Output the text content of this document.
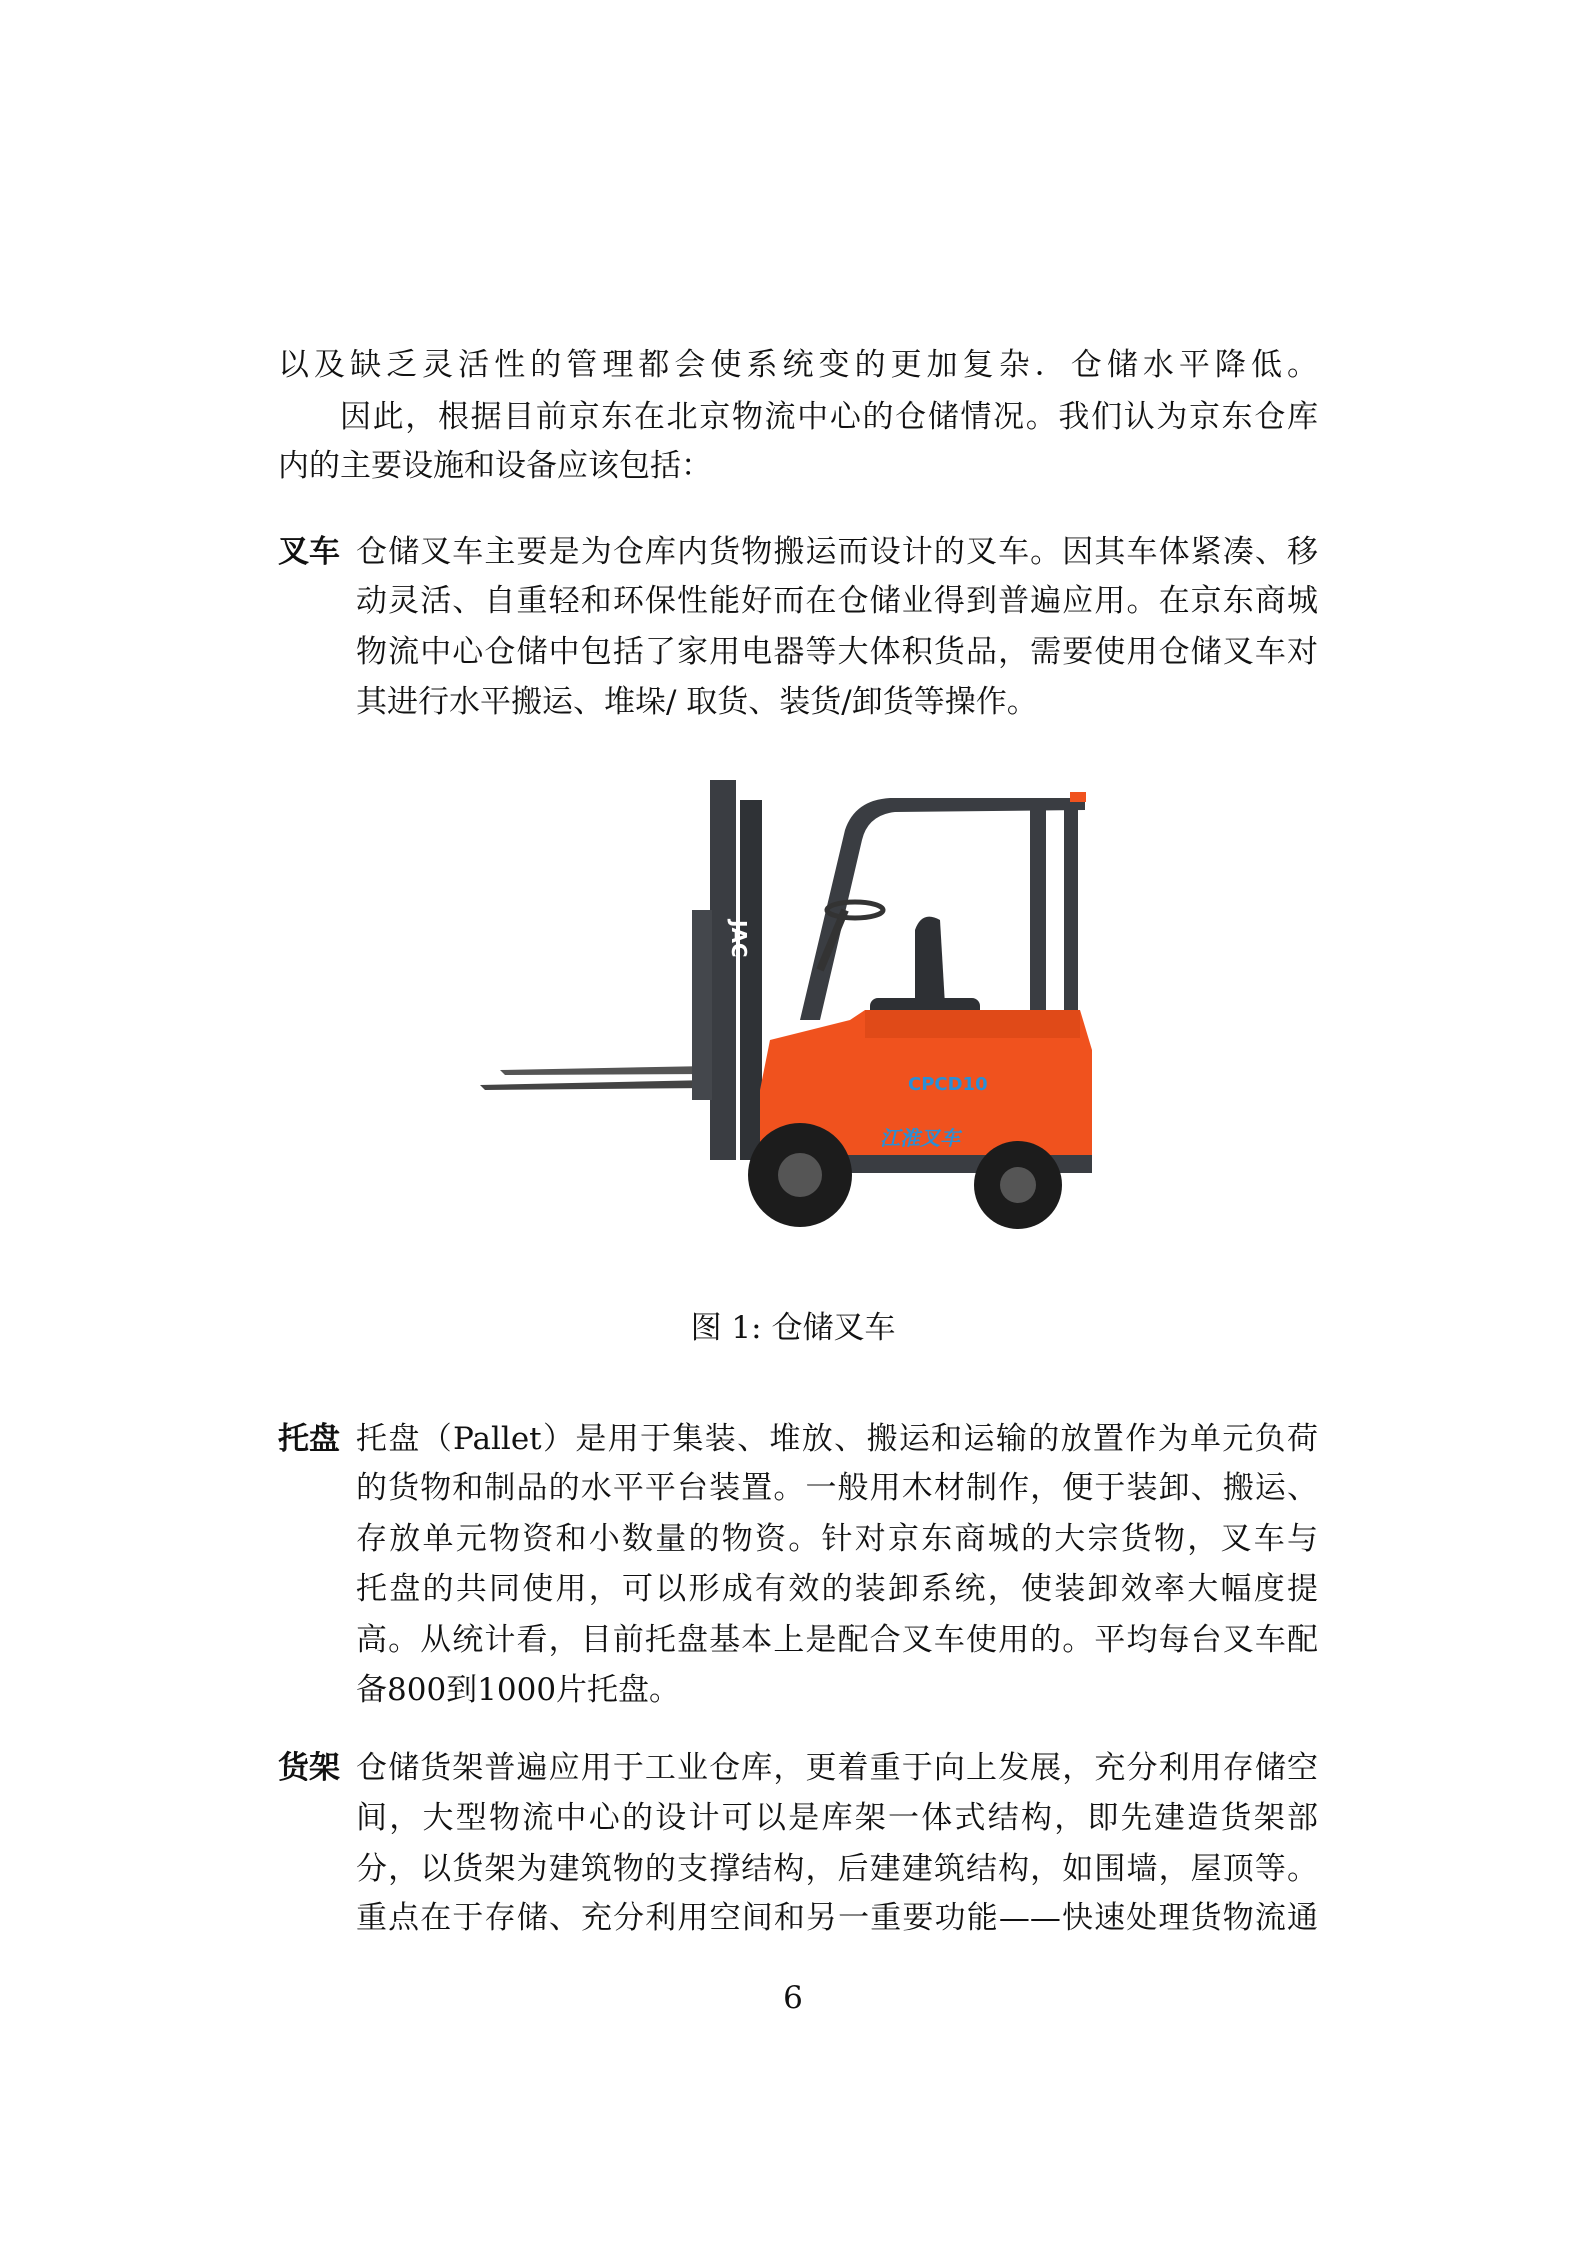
以及缺乏灵活性的管理都会使系统变的更加复杂．仓储水平降低。
因此，根据目前京东在北京物流中心的仓储情况。我们认为京东仓库
内的主要设施和设备应该包括：
叉车 仓储叉车主要是为仓库内货物搬运而设计的叉车。因其车体紧凑、移
动灵活、自重轻和环保性能好而在仓储业得到普遍应用。在京东商城
物流中心仓储中包括了家用电器等大体积货品，需要使用仓储叉车对
其进行水平搬运、堆垛/ 取货、装货/卸货等操作。
JAC
CPCD10
江淮叉车
图 1: 仓储叉车
托盘 托盘（Pallet）是用于集装、堆放、搬运和运输的放置作为单元负荷
的货物和制品的水平平台装置。一般用木材制作，便于装卸、搬运、
存放单元物资和小数量的物资。针对京东商城的大宗货物，叉车与
托盘的共同使用，可以形成有效的装卸系统，使装卸效率大幅度提
高。从统计看，目前托盘基本上是配合叉车使用的。平均每台叉车配
备800到1000片托盘。
货架 仓储货架普遍应用于工业仓库，更着重于向上发展，充分利用存储空
间，大型物流中心的设计可以是库架一体式结构，即先建造货架部
分，以货架为建筑物的支撑结构，后建建筑结构，如围墙，屋顶等。
重点在于存储、充分利用空间和另一重要功能——快速处理货物流通
6
